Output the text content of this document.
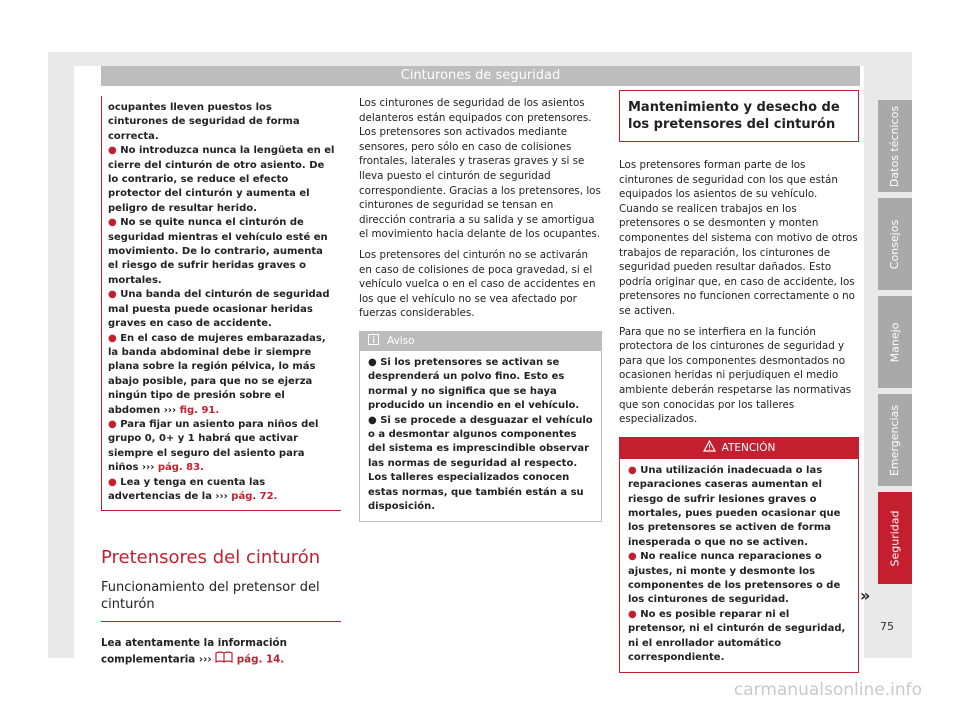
Cinturones de seguridad
Datos técnicos
Consejos
Manejo
Emergencias
Seguridad
ocupantes lleven puestos los cinturones de seguridad de forma correcta.
● No introduzca nunca la lengüeta en el cierre del cinturón de otro asiento. De lo contrario, se reduce el efecto protector del cinturón y aumenta el peligro de resultar herido.
● No se quite nunca el cinturón de seguridad mientras el vehículo esté en movimiento. De lo contrario, aumenta el riesgo de sufrir heridas graves o mortales.
● Una banda del cinturón de seguridad mal puesta puede ocasionar heridas graves en caso de accidente.
● En el caso de mujeres embarazadas, la banda abdominal debe ir siempre plana sobre la región pélvica, lo más abajo posible, para que no se ejerza ningún tipo de presión sobre el abdomen ››› fig. 91.
● Para fijar un asiento para niños del grupo 0, 0+ y 1 habrá que activar siempre el seguro del asiento para niños ››› pág. 83.
● Lea y tenga en cuenta las advertencias de la ››› pág. 72.
Pretensores del cinturón
Funcionamiento del pretensor del cinturón
Lea atentamente la información complementaria ››› pág. 14.
Los cinturones de seguridad de los asientos delanteros están equipados con pretensores. Los pretensores son activados mediante sensores, pero sólo en caso de colisiones frontales, laterales y traseras graves y si se lleva puesto el cinturón de seguridad correspondiente. Gracias a los pretensores, los cinturones de seguridad se tensan en dirección contraria a su salida y se amortigua el movimiento hacia delante de los ocupantes.
Los pretensores del cinturón no se activarán en caso de colisiones de poca gravedad, si el vehículo vuelca o en el caso de accidentes en los que el vehículo no se vea afectado por fuerzas considerables.
Aviso
● Si los pretensores se activan se desprenderá un polvo fino. Esto es normal y no significa que se haya producido un incendio en el vehículo.
● Si se procede a desguazar el vehículo o a desmontar algunos componentes del sistema es imprescindible observar las normas de seguridad al respecto. Los talleres especializados conocen estas normas, que también están a su disposición.
Mantenimiento y desecho de los pretensores del cinturón
Los pretensores forman parte de los cinturones de seguridad con los que están equipados los asientos de su vehículo. Cuando se realicen trabajos en los pretensores o se desmonten y monten componentes del sistema con motivo de otros trabajos de reparación, los cinturones de seguridad pueden resultar dañados. Esto podría originar que, en caso de accidente, los pretensores no funcionen correctamente o no se activen.
Para que no se interfiera en la función protectora de los cinturones de seguridad y para que los componentes desmontados no ocasionen heridas ni perjudiquen el medio ambiente deberán respetarse las normativas que son conocidas por los talleres especializados.
ATENCIÓN
● Una utilización inadecuada o las reparaciones caseras aumentan el riesgo de sufrir lesiones graves o mortales, pues pueden ocasionar que los pretensores se activen de forma inesperada o que no se activen.
● No realice nunca reparaciones o ajustes, ni monte y desmonte los componentes de los pretensores o de los cinturones de seguridad.
● No es posible reparar ni el pretensor, ni el cinturón de seguridad, ni el enrollador automático correspondiente.
»
75
carmanualsonline.info
